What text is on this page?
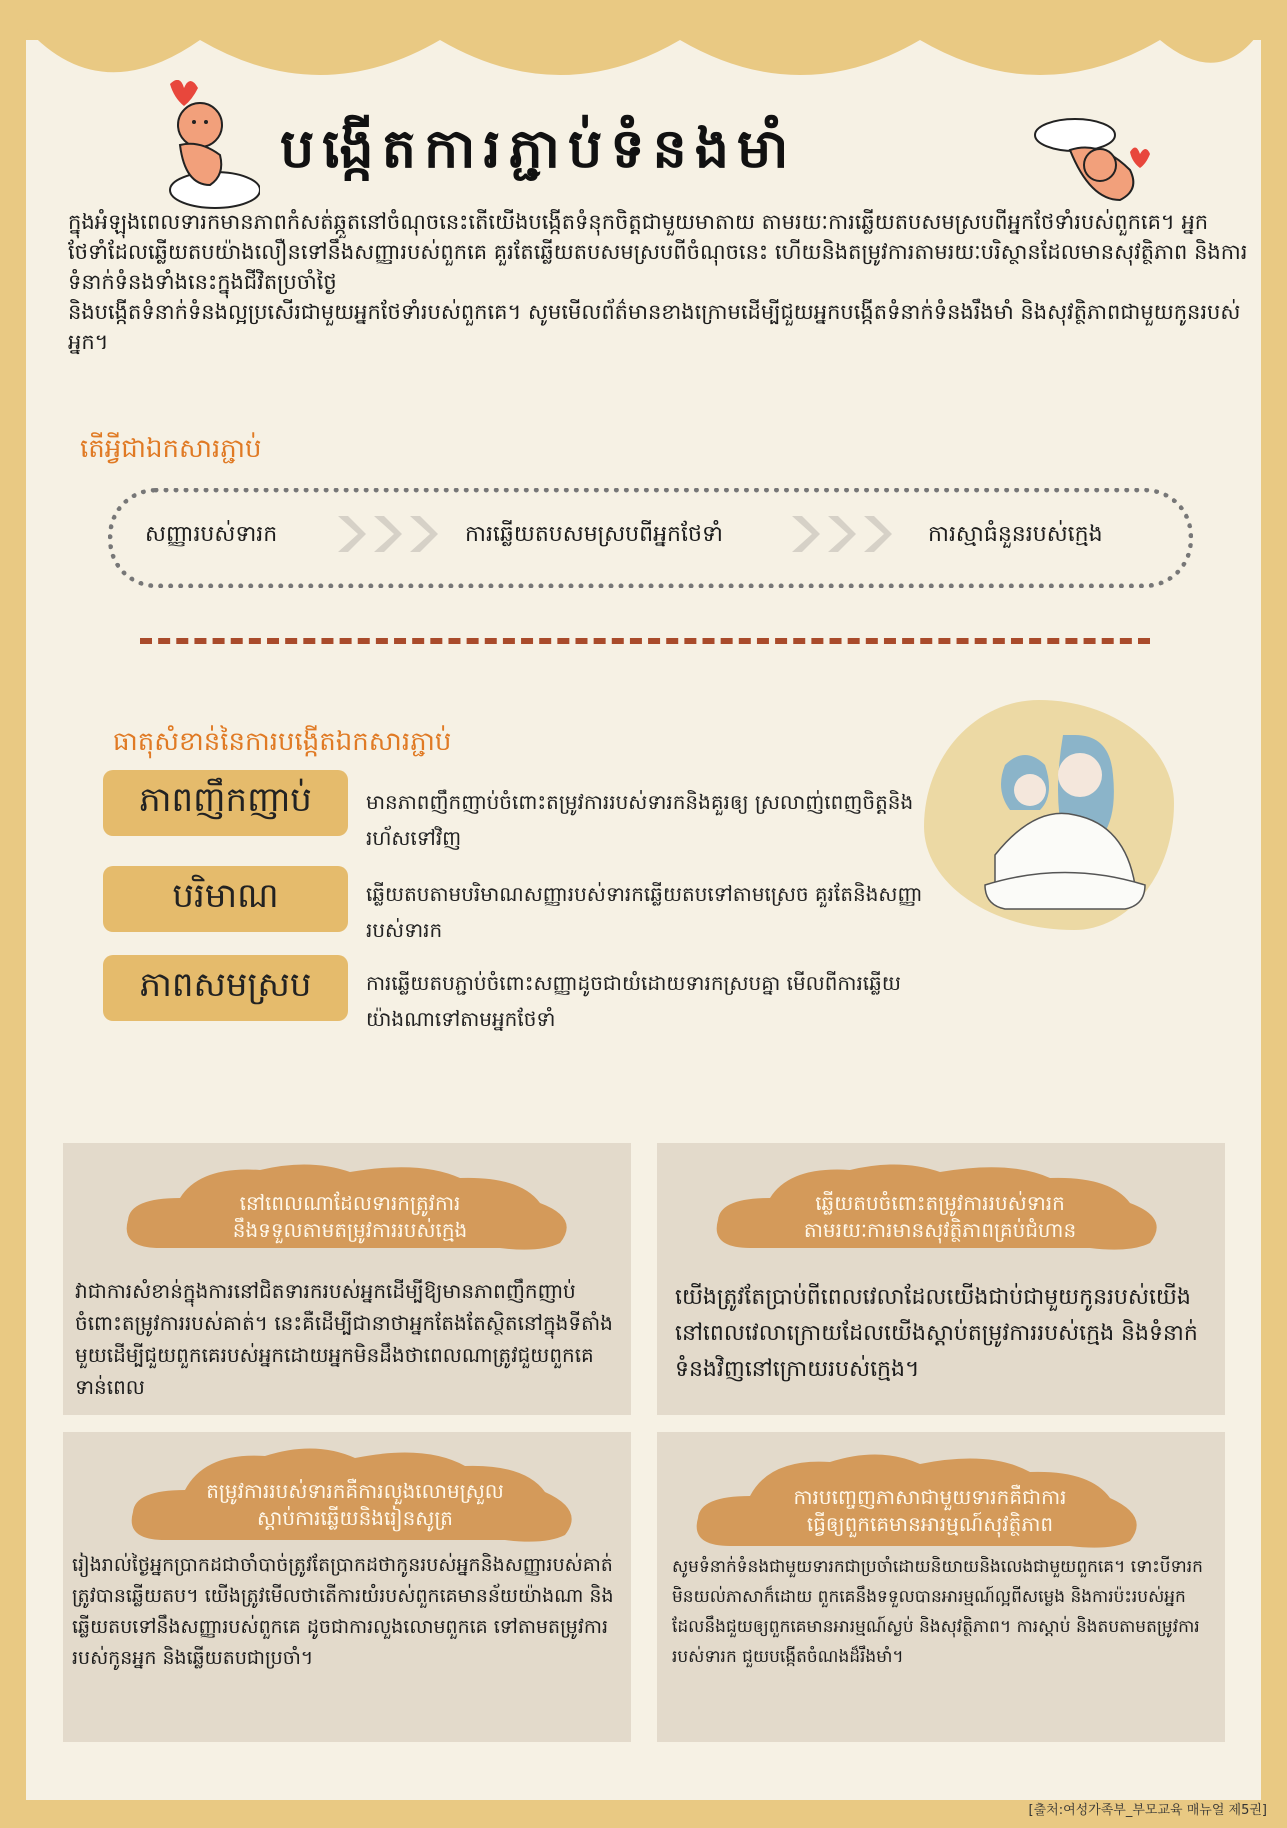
បង្កើតការភ្ជាប់ទំនងមាំ

ក្នុងអំឡុងពេលទារកមានភាពកំសត់ឆ្កួតនៅចំណុចនេះតើយើងបង្កើតទំនុកចិត្តជាមួយមាតាយ តាមរយៈការឆ្លើយតបសមស្របពីអ្នកថែទាំរបស់ពួកគេ។ អ្នកថែទាំដែលឆ្លើយតបយ៉ាងលឿនទៅនឹងសញ្ញារបស់ពួកគេ គួរតែឆ្លើយតបសមស្របពីចំណុចនេះ ហើយនិងតម្រូវការតាមរយៈបរិស្ថានដែលមានសុវត្ថិភាព និងការទំនាក់ទំនងទាំងនេះក្នុងជីវិតប្រចាំថ្ងៃ

និងបង្កើតទំនាក់ទំនងល្អប្រសើរជាមួយអ្នកថែទាំរបស់ពួកគេ។ សូមមើលព័ត៌មានខាងក្រោមដើម្បីជួយអ្នកបង្កើតទំនាក់ទំនងរឹងមាំ និងសុវត្ថិភាពជាមួយកូនរបស់អ្នក។

តើអ្វីជាឯកសារភ្ជាប់
សញ្ញារបស់ទារក	ការឆ្លើយតបសមស្របពីអ្នកថែទាំ	ការស្មាធំនួនរបស់ក្មេង
ធាតុសំខាន់នៃការបង្កើតឯកសារភ្ជាប់
ភាពញឹកញាប់	មានភាពញឹកញាប់ចំពោះតម្រូវការរបស់ទារកនិងគួរឲ្យ ស្រលាញ់ពេញចិត្តនិងរហ័សទៅវិញ
បរិមាណ	ឆ្លើយតបតាមបរិមាណសញ្ញារបស់ទារកឆ្លើយតបទៅតាមស្រេច គួរតែនិងសញ្ញារបស់ទារក
ភាពសមស្រប	ការឆ្លើយតបភ្ជាប់ចំពោះសញ្ញាដូចជាយំដោយទារកស្របគ្នា មើលពីការឆ្លើយយ៉ាងណាទៅតាមអ្នកថែទាំ
នៅពេលណាដែលទារកត្រូវការ
នឹងទទួលតាមតម្រូវការរបស់ក្មេង
វាជាការសំខាន់ក្នុងការនៅជិតទារករបស់អ្នកដើម្បីឱ្យមានភាពញឹកញាប់ចំពោះតម្រូវការរបស់គាត់។ នេះគឺដើម្បីជានាថាអ្នកតែងតែស្ថិតនៅក្នុងទីតាំងមួយដើម្បីជួយពួកគេរបស់អ្នកដោយអ្នកមិនដឹងថាពេលណាត្រូវជួយពួកគេទាន់ពេល
ឆ្លើយតបចំពោះតម្រូវការរបស់ទារក
តាមរយៈការមានសុវត្ថិភាពគ្រប់ជំហាន
យើងត្រូវតែប្រាប់ពីពេលវេលាដែលយើងជាប់ជាមួយកូនរបស់យើងនៅពេលវេលាក្រោយដែលយើងស្តាប់តម្រូវការរបស់ក្មេង និងទំនាក់ទំនងវិញនៅក្រោយរបស់ក្មេង។
តម្រូវការរបស់ទារកគឺការលួងលោមស្រួល
ស្តាប់ការឆ្លើយនិងរៀនសូត្រ
រៀងរាល់ថ្ងៃអ្នកប្រាកដជាចាំបាច់ត្រូវតែប្រាកដថាកូនរបស់អ្នកនិងសញ្ញារបស់គាត់ត្រូវបានឆ្លើយតប។ យើងត្រូវមើលថាតើការយំរបស់ពួកគេមានន័យយ៉ាងណា និងឆ្លើយតបទៅនឹងសញ្ញារបស់ពួកគេ ដូចជាការលួងលោមពួកគេ ទៅតាមតម្រូវការរបស់កូនអ្នក និងឆ្លើយតបជាប្រចាំ។
ការបញ្ចេញភាសាជាមួយទារកគឺជាការ
ធ្វើឲ្យពួកគេមានអារម្មណ៍សុវត្ថិភាព
សូមទំនាក់ទំនងជាមួយទារកជាប្រចាំដោយនិយាយនិងលេងជាមួយពួកគេ។ ទោះបីទារកមិនយល់ភាសាក៏ដោយ ពួកគេនឹងទទួលបានអារម្មណ៍ល្អពីសម្លេង និងការប៉ះរបស់អ្នក ដែលនឹងជួយឲ្យពួកគេមានអារម្មណ៍ស្ងប់ និងសុវត្ថិភាព។ ការស្តាប់ និងតបតាមតម្រូវការរបស់ទារក ជួយបង្កើតចំណងដ៏រឹងមាំ។
[출처:여성가족부_부모교육 매뉴얼 제5권]
